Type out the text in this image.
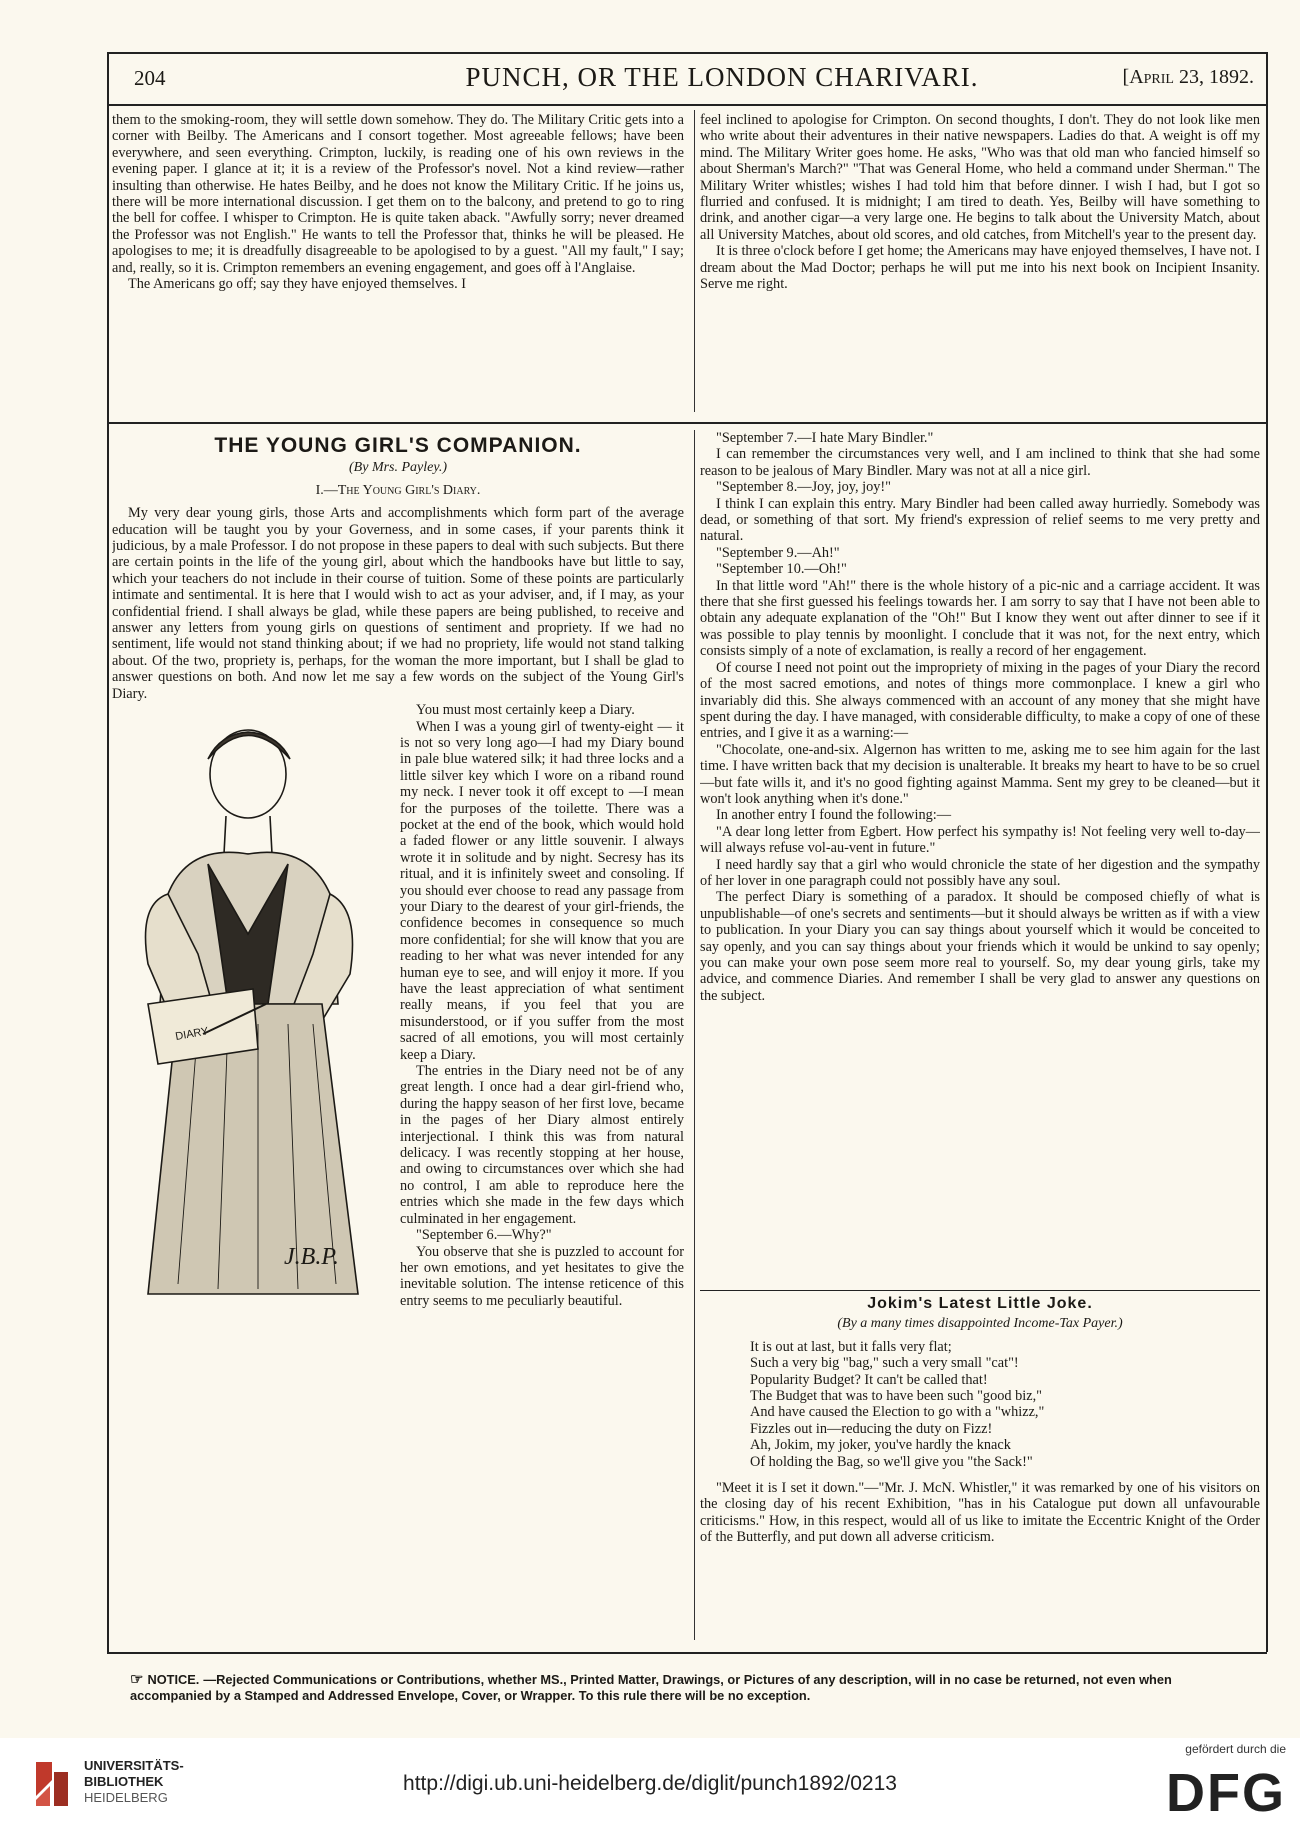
204	PUNCH, OR THE LONDON CHARIVARI.	[April 23, 1892.

them to the smoking-room, they will settle down somehow. They do. The Military Critic gets into a corner with Beilby. The Americans and I consort together. Most agreeable fellows; have been everywhere, and seen everything. Crimpton, luckily, is reading one of his own reviews in the evening paper. I glance at it; it is a review of the Professor's novel. Not a kind review—rather insulting than otherwise. He hates Beilby, and he does not know the Military Critic. If he joins us, there will be more international discussion. I get them on to the balcony, and pretend to go to ring the bell for coffee. I whisper to Crimpton. He is quite taken aback. "Awfully sorry; never dreamed the Professor was not English." He wants to tell the Professor that, thinks he will be pleased. He apologises to me; it is dreadfully disagreeable to be apologised to by a guest. "All my fault," I say; and, really, so it is. Crimpton remembers an evening engagement, and goes off à l'Anglaise.

The Americans go off; say they have enjoyed themselves. I

feel inclined to apologise for Crimpton. On second thoughts, I don't. They do not look like men who write about their adventures in their native newspapers. Ladies do that. A weight is off my mind. The Military Writer goes home. He asks, "Who was that old man who fancied himself so about Sherman's March?" "That was General Home, who held a command under Sherman." The Military Writer whistles; wishes I had told him that before dinner. I wish I had, but I got so flurried and confused. It is midnight; I am tired to death. Yes, Beilby will have something to drink, and another cigar—a very large one. He begins to talk about the University Match, about all University Matches, about old scores, and old catches, from Mitchell's year to the present day.

It is three o'clock before I get home; the Americans may have enjoyed themselves, I have not. I dream about the Mad Doctor; perhaps he will put me into his next book on Incipient Insanity. Serve me right.

THE YOUNG GIRL'S COMPANION.
(By Mrs. Payley.)
I.—The Young Girl's Diary.

My very dear young girls, those Arts and accomplishments which form part of the average education will be taught you by your Governess, and in some cases, if your parents think it judicious, by a male Professor. I do not propose in these papers to deal with such subjects. But there are certain points in the life of the young girl, about which the handbooks have but little to say, which your teachers do not include in their course of tuition. Some of these points are particularly intimate and sentimental. It is here that I would wish to act as your adviser, and, if I may, as your confidential friend. I shall always be glad, while these papers are being published, to receive and answer any letters from young girls on questions of sentiment and propriety. If we had no sentiment, life would not stand thinking about; if we had no propriety, life would not stand talking about. Of the two, propriety is, perhaps, for the woman the more important, but I shall be glad to answer questions on both. And now let me say a few words on the subject of the Young Girl's Diary.

DIARY
J.B.P.

You must most certainly keep a Diary.

When I was a young girl of twenty-eight — it is not so very long ago—I had my Diary bound in pale blue watered silk; it had three locks and a little silver key which I wore on a riband round my neck. I never took it off except to —I mean for the purposes of the toilette. There was a pocket at the end of the book, which would hold a faded flower or any little souvenir. I always wrote it in solitude and by night. Secresy has its ritual, and it is infinitely sweet and consoling. If you should ever choose to read any passage from your Diary to the dearest of your girl-friends, the confidence becomes in consequence so much more confidential; for she will know that you are reading to her what was never intended for any human eye to see, and will enjoy it more. If you have the least appreciation of what sentiment really means, if you feel that you are misunderstood, or if you suffer from the most sacred of all emotions, you will most certainly keep a Diary.

The entries in the Diary need not be of any great length. I once had a dear girl-friend who, during the happy season of her first love, became in the pages of her Diary almost entirely interjectional. I think this was from natural delicacy. I was recently stopping at her house, and owing to circumstances over which she had no control, I am able to reproduce here the entries which she made in the few days which culminated in her engagement.

"September 6.—Why?"

You observe that she is puzzled to account for her own emotions, and yet hesitates to give the inevitable solution. The intense reticence of this entry seems to me peculiarly beautiful.

"September 7.—I hate Mary Bindler."

I can remember the circumstances very well, and I am inclined to think that she had some reason to be jealous of Mary Bindler. Mary was not at all a nice girl.

"September 8.—Joy, joy, joy!"

I think I can explain this entry. Mary Bindler had been called away hurriedly. Somebody was dead, or something of that sort. My friend's expression of relief seems to me very pretty and natural.

"September 9.—Ah!"

"September 10.—Oh!"

In that little word "Ah!" there is the whole history of a pic-nic and a carriage accident. It was there that she first guessed his feelings towards her. I am sorry to say that I have not been able to obtain any adequate explanation of the "Oh!" But I know they went out after dinner to see if it was possible to play tennis by moonlight. I conclude that it was not, for the next entry, which consists simply of a note of exclamation, is really a record of her engagement.

Of course I need not point out the impropriety of mixing in the pages of your Diary the record of the most sacred emotions, and notes of things more commonplace. I knew a girl who invariably did this. She always commenced with an account of any money that she might have spent during the day. I have managed, with considerable difficulty, to make a copy of one of these entries, and I give it as a warning:—

"Chocolate, one-and-six. Algernon has written to me, asking me to see him again for the last time. I have written back that my decision is unalterable. It breaks my heart to have to be so cruel—but fate wills it, and it's no good fighting against Mamma. Sent my grey to be cleaned—but it won't look anything when it's done."

In another entry I found the following:—

"A dear long letter from Egbert. How perfect his sympathy is! Not feeling very well to-day—will always refuse vol-au-vent in future."

I need hardly say that a girl who would chronicle the state of her digestion and the sympathy of her lover in one paragraph could not possibly have any soul.

The perfect Diary is something of a paradox. It should be composed chiefly of what is unpublishable—of one's secrets and sentiments—but it should always be written as if with a view to publication. In your Diary you can say things about yourself which it would be conceited to say openly, and you can say things about your friends which it would be unkind to say openly; you can make your own pose seem more real to yourself. So, my dear young girls, take my advice, and commence Diaries. And remember I shall be very glad to answer any questions on the subject.

Jokim's Latest Little Joke.
(By a many times disappointed Income-Tax Payer.)
It is out at last, but it falls very flat;
Such a very big "bag," such a very small "cat"!
Popularity Budget? It can't be called that!
The Budget that was to have been such "good biz,"
And have caused the Election to go with a "whizz,"
Fizzles out in—reducing the duty on Fizz!
Ah, Jokim, my joker, you've hardly the knack
Of holding the Bag, so we'll give you "the Sack!"

"Meet it is I set it down."—"Mr. J. McN. Whistler," it was remarked by one of his visitors on the closing day of his recent Exhibition, "has in his Catalogue put down all unfavourable criticisms." How, in this respect, would all of us like to imitate the Eccentric Knight of the Order of the Butterfly, and put down all adverse criticism.

☞ NOTICE. —Rejected Communications or Contributions, whether MS., Printed Matter, Drawings, or Pictures of any description, will in no case be returned, not even when accompanied by a Stamped and Addressed Envelope, Cover, or Wrapper. To this rule there will be no exception.
UNIVERSITÄTS-
BIBLIOTHEK
HEIDELBERG
http://digi.ub.uni-heidelberg.de/diglit/punch1892/0213
gefördert durch die
DFG
